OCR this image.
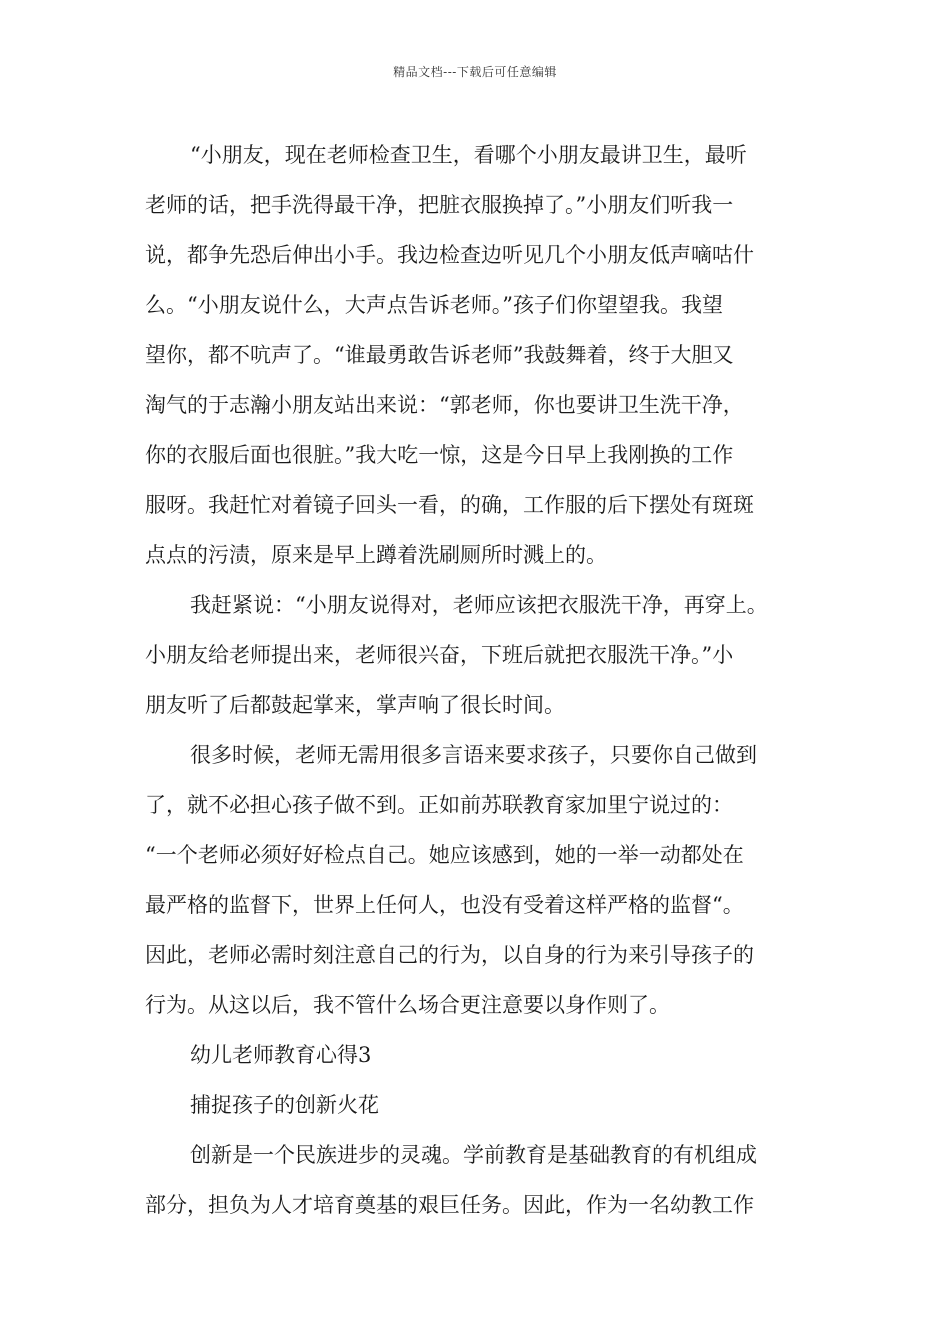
精品文档---下载后可任意编辑
“小朋友，现在老师检查卫生，看哪个小朋友最讲卫生，最听
老师的话，把手洗得最干净，把脏衣服换掉了。”小朋友们听我一
说，都争先恐后伸出小手。我边检查边听见几个小朋友低声嘀咕什
么。“小朋友说什么，大声点告诉老师。”孩子们你望望我。我望
望你，都不吭声了。“谁最勇敢告诉老师”我鼓舞着，终于大胆又
淘气的于志瀚小朋友站出来说：“郭老师，你也要讲卫生洗干净，
你的衣服后面也很脏。”我大吃一惊，这是今日早上我刚换的工作
服呀。我赶忙对着镜子回头一看，的确，工作服的后下摆处有斑斑
点点的污渍，原来是早上蹲着洗刷厕所时溅上的。
我赶紧说：“小朋友说得对，老师应该把衣服洗干净，再穿上。
小朋友给老师提出来，老师很兴奋，下班后就把衣服洗干净。”小
朋友听了后都鼓起掌来，掌声响了很长时间。
很多时候，老师无需用很多言语来要求孩子，只要你自己做到
了，就不必担心孩子做不到。正如前苏联教育家加里宁说过的：
“一个老师必须好好检点自己。她应该感到，她的一举一动都处在
最严格的监督下，世界上任何人，也没有受着这样严格的监督“。
因此，老师必需时刻注意自己的行为，以自身的行为来引导孩子的
行为。从这以后，我不管什么场合更注意要以身作则了。
幼儿老师教育心得3
捕捉孩子的创新火花
创新是一个民族进步的灵魂。学前教育是基础教育的有机组成
部分，担负为人才培育奠基的艰巨任务。因此，作为一名幼教工作
